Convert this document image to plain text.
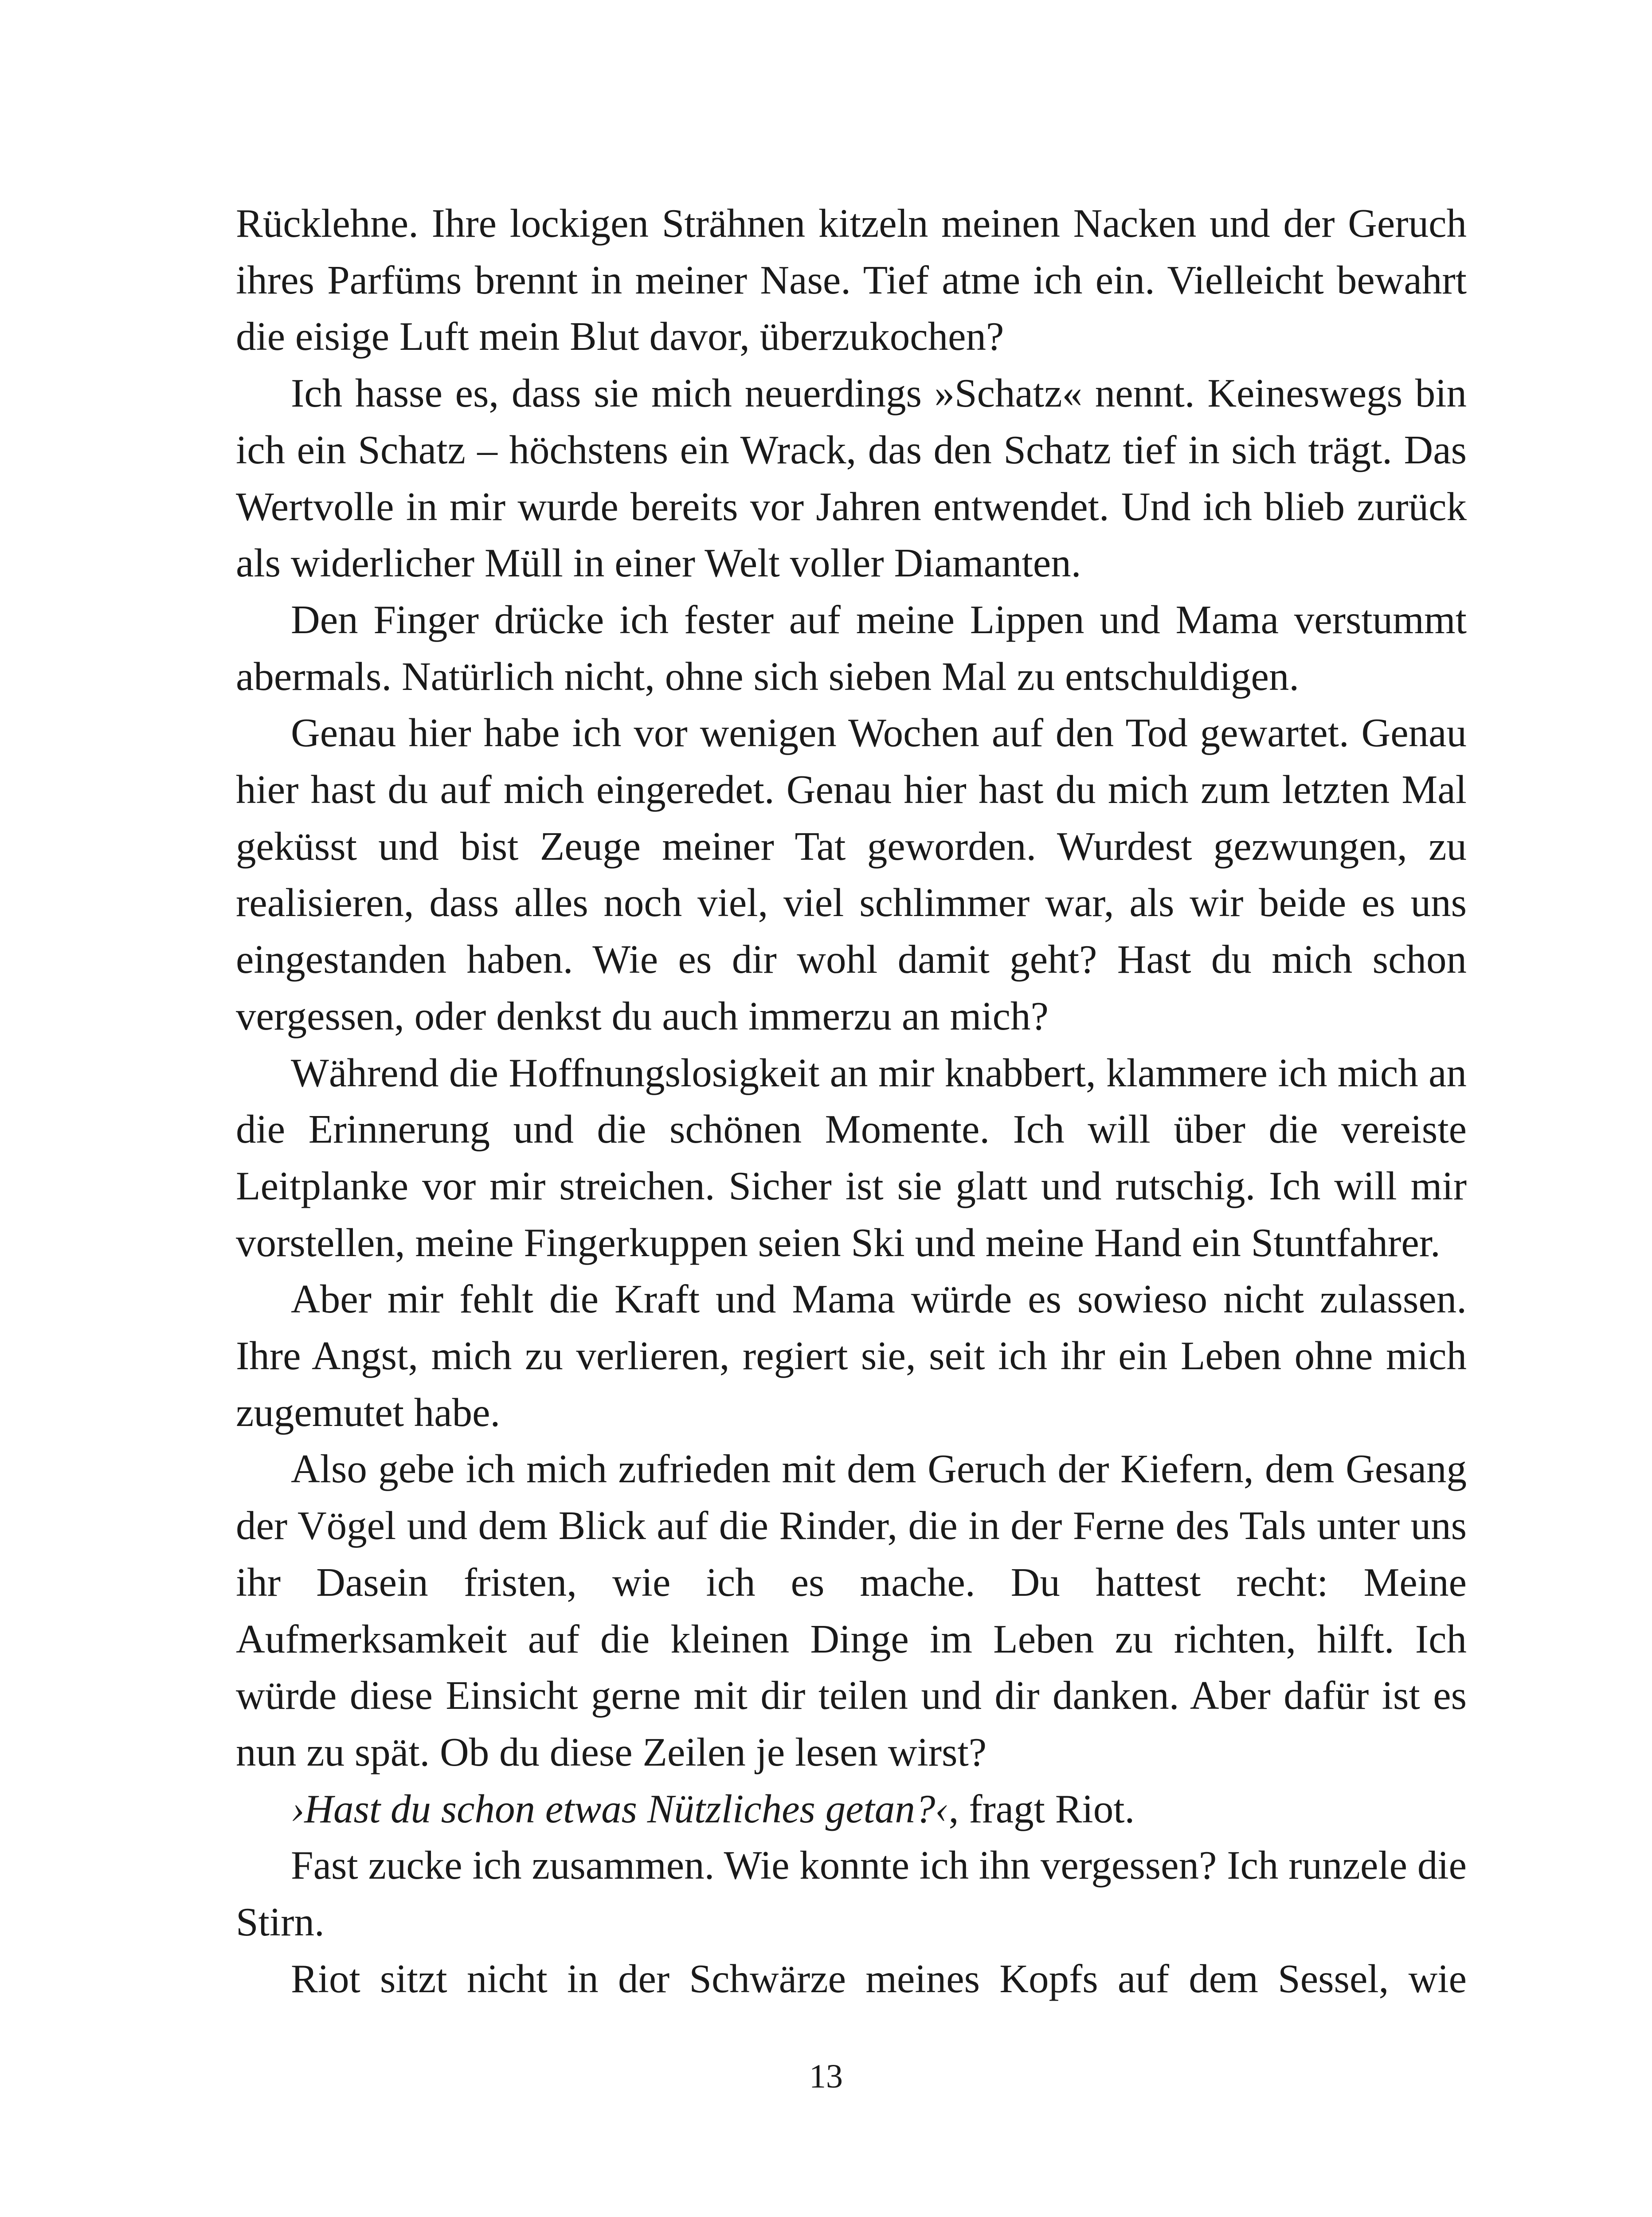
Rücklehne. Ihre lockigen Strähnen kitzeln meinen Nacken und der Geruch ihres Parfüms brennt in meiner Nase. Tief atme ich ein. Vielleicht bewahrt die eisige Luft mein Blut davor, überzukochen?

Ich hasse es, dass sie mich neuerdings »Schatz« nennt. Keineswegs bin ich ein Schatz – höchstens ein Wrack, das den Schatz tief in sich trägt. Das Wertvolle in mir wurde bereits vor Jahren entwendet. Und ich blieb zurück als widerlicher Müll in einer Welt voller Diamanten.

Den Finger drücke ich fester auf meine Lippen und Mama verstummt abermals. Natürlich nicht, ohne sich sieben Mal zu entschuldigen.

Genau hier habe ich vor wenigen Wochen auf den Tod gewartet. Genau hier hast du auf mich eingeredet. Genau hier hast du mich zum letzten Mal geküsst und bist Zeuge meiner Tat geworden. Wurdest gezwungen, zu realisieren, dass alles noch viel, viel schlimmer war, als wir beide es uns eingestanden haben. Wie es dir wohl damit geht? Hast du mich schon vergessen, oder denkst du auch immerzu an mich?

Während die Hoffnungslosigkeit an mir knabbert, klammere ich mich an die Erinnerung und die schönen Momente. Ich will über die vereiste Leitplanke vor mir streichen. Sicher ist sie glatt und rutschig. Ich will mir vorstellen, meine Fingerkuppen seien Ski und meine Hand ein Stuntfahrer.

Aber mir fehlt die Kraft und Mama würde es sowieso nicht zulassen. Ihre Angst, mich zu verlieren, regiert sie, seit ich ihr ein Leben ohne mich zugemutet habe.

Also gebe ich mich zufrieden mit dem Geruch der Kiefern, dem Gesang der Vögel und dem Blick auf die Rinder, die in der Ferne des Tals unter uns ihr Dasein fristen, wie ich es mache. Du hattest recht: Meine Aufmerksamkeit auf die kleinen Dinge im Leben zu richten, hilft. Ich würde diese Einsicht gerne mit dir teilen und dir danken. Aber dafür ist es nun zu spät. Ob du diese Zeilen je lesen wirst?

›Hast du schon etwas Nützliches getan?‹, fragt Riot.

Fast zucke ich zusammen. Wie konnte ich ihn vergessen? Ich runzele die Stirn.

Riot sitzt nicht in der Schwärze meines Kopfs auf dem Sessel, wie

13
